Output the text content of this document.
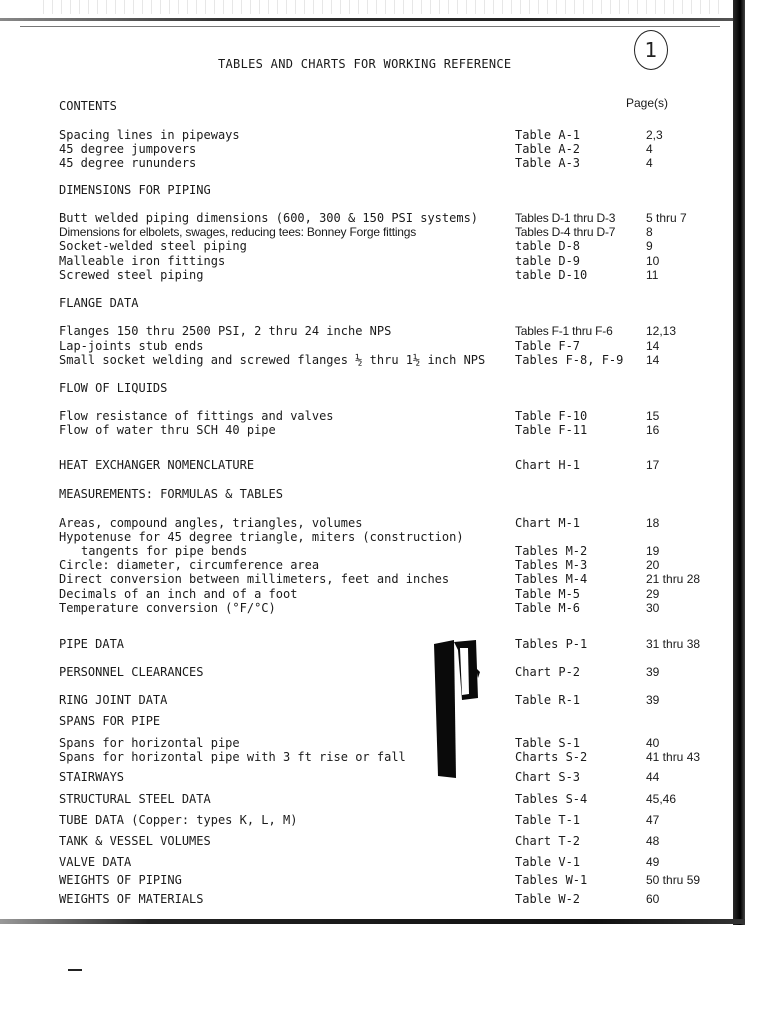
1
TABLES AND CHARTS FOR WORKING REFERENCE
CONTENTS	Page(s)
Spacing lines in pipeways	Table A-1	2,3
45 degree jumpovers	Table A-2	4
45 degree rununders	Table A-3	4
DIMENSIONS FOR PIPING
Butt welded piping dimensions (600, 300 & 150 PSI systems)	Tables D-1 thru D-3	5 thru 7
Dimensions for elbolets, swages, reducing tees: Bonney Forge fittings	Tables D-4 thru D-7	8
Socket-welded steel piping	table D-8	9
Malleable iron fittings	table D-9	10
Screwed steel piping	table D-10	11
FLANGE DATA
Flanges 150 thru 2500 PSI, 2 thru 24 inche NPS	Tables F-1 thru F-6	12,13
Lap-joints stub ends	Table F-7	14
Small socket welding and screwed flanges ½ thru 1½ inch NPS Tables F-8, F-9 14
FLOW OF LIQUIDS
Flow resistance of fittings and valves	Table F-10	15
Flow of water thru SCH 40 pipe	Table F-11	16
HEAT EXCHANGER NOMENCLATURE	Chart H-1	17
MEASUREMENTS: FORMULAS & TABLES
Areas, compound angles, triangles, volumes	Chart M-1	18
Hypotenuse for 45 degree triangle, miters (construction)
tangents for pipe bends	Tables M-2	19
Circle: diameter, circumference area	Tables M-3	20
Direct conversion between millimeters, feet and inches	Tables M-4	21 thru 28
Decimals of an inch and of a foot	Table M-5	29
Temperature conversion (°F/°C)	Table M-6	30
PIPE DATA	Tables P-1	31 thru 38
PERSONNEL CLEARANCES	Chart P-2	39
RING JOINT DATA	Table R-1	39
SPANS FOR PIPE
Spans for horizontal pipe	Table S-1	40
Spans for horizontal pipe with 3 ft rise or fall	Charts S-2	41 thru 43
STAIRWAYS	Chart S-3	44
STRUCTURAL STEEL DATA	Tables S-4	45,46
TUBE DATA (Copper: types K, L, M)	Table T-1	47
TANK & VESSEL VOLUMES	Chart T-2	48
VALVE DATA	Table V-1	49
WEIGHTS OF PIPING	Tables W-1	50 thru 59
WEIGHTS OF MATERIALS	Table W-2	60
